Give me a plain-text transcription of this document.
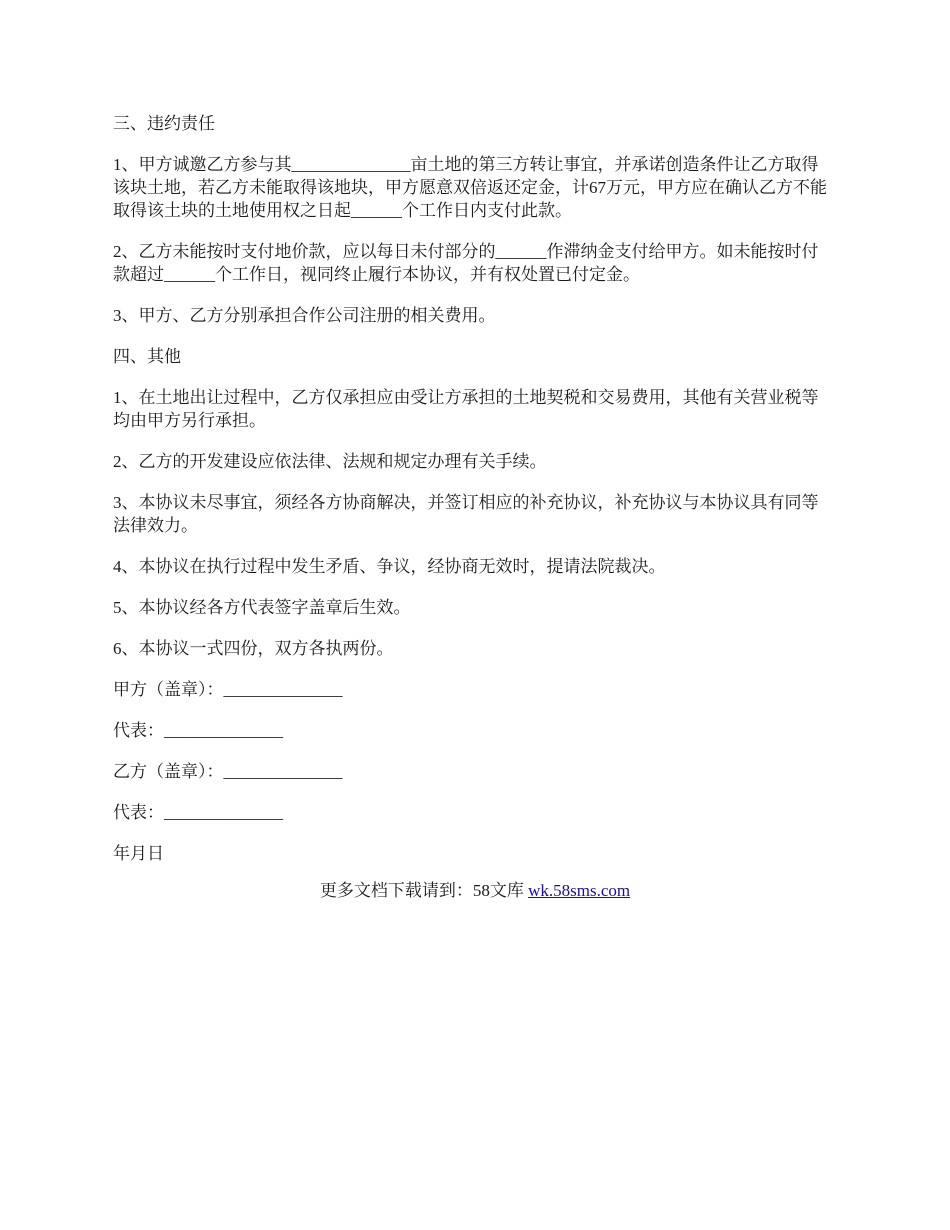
三、违约责任

1、甲方诚邀乙方参与其______________亩土地的第三方转让事宜，并承诺创造条件让乙方取得该块土地，若乙方未能取得该地块，甲方愿意双倍返还定金，计67万元，甲方应在确认乙方不能取得该土块的土地使用权之日起______个工作日内支付此款。

2、乙方未能按时支付地价款，应以每日未付部分的______作滞纳金支付给甲方。如未能按时付款超过______个工作日，视同终止履行本协议，并有权处置已付定金。

3、甲方、乙方分别承担合作公司注册的相关费用。

四、其他

1、在土地出让过程中，乙方仅承担应由受让方承担的土地契税和交易费用，其他有关营业税等均由甲方另行承担。

2、乙方的开发建设应依法律、法规和规定办理有关手续。

3、本协议未尽事宜，须经各方协商解决，并签订相应的补充协议，补充协议与本协议具有同等法律效力。

4、本协议在执行过程中发生矛盾、争议，经协商无效时，提请法院裁决。

5、本协议经各方代表签字盖章后生效。

6、本协议一式四份，双方各执两份。

甲方（盖章）：______________

代表：______________

乙方（盖章）：______________

代表：______________

年月日

更多文档下载请到：58文库 wk.58sms.com
